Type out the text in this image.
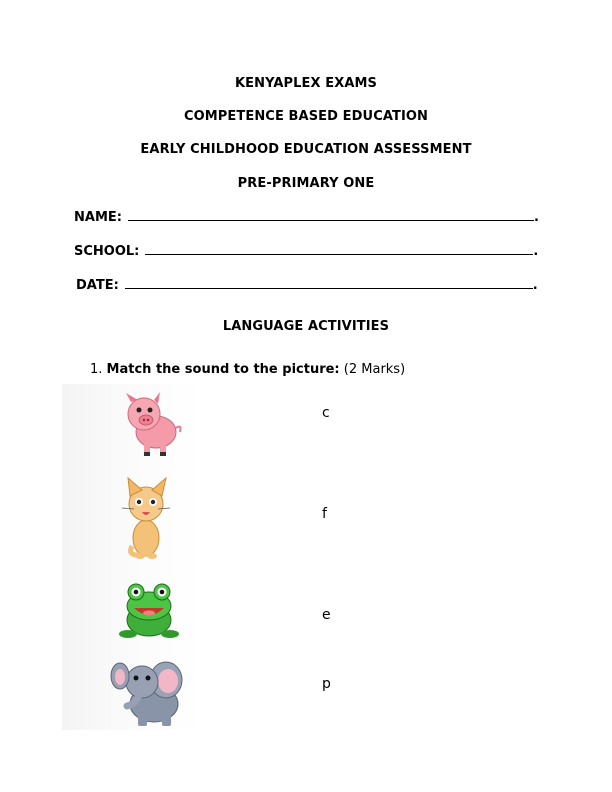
KENYAPLEX EXAMS
COMPETENCE BASED EDUCATION
EARLY CHILDHOOD EDUCATION ASSESSMENT
PRE-PRIMARY ONE
NAME:	.
SCHOOL:	.
DATE:	.
LANGUAGE ACTIVITIES
1. Match the sound to the picture: (2 Marks)
c
f
e
p
